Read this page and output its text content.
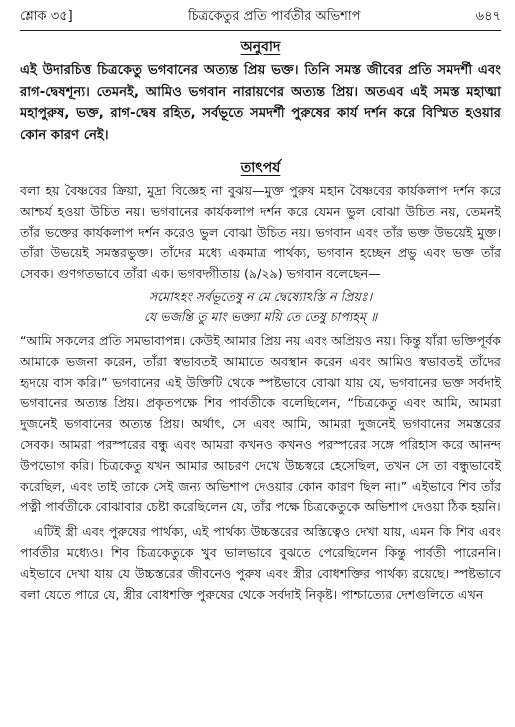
শ্লোক ৩৫]	চিত্রকেতুর প্রতি পার্বতীর অভিশাপ	৬৪৭
অনুবাদ

এই উদারচিত্ত চিত্রকেতু ভগবানের অত্যন্ত প্রিয় ভক্ত। তিনি সমস্ত জীবের প্রতি সমদর্শী এবং রাগ-দ্বেষশূন্য। তেমনই, আমিও ভগবান নারায়ণের অত্যন্ত প্রিয়। অতএব এই সমস্ত মহাত্মা মহাপুরুষ, ভক্ত, রাগ-দ্বেষ রহিত, সর্বভূতে সমদর্শী পুরুষের কার্য দর্শন করে বিস্মিত হওয়ার কোন কারণ নেই।

তাৎপর্য

বলা হয় বৈষ্ণবের ক্রিয়া, মুদ্রা বিজ্ঞেহ না বুঝয়—মুক্ত পুরুষ মহান বৈষ্ণবের কার্যকলাপ দর্শন করে আশ্চর্য হওয়া উচিত নয়। ভগবানের কার্যকলাপ দর্শন করে যেমন ভুল বোঝা উচিত নয়, তেমনই তাঁর ভক্তের কার্যকলাপ দর্শন করেও ভুল বোঝা উচিত নয়। ভগবান এবং তাঁর ভক্ত উভয়েই মুক্ত। তাঁরা উভয়েই সমস্তরভুক্ত। তাঁদের মধ্যে একমাত্র পার্থক্য, ভগবান হচ্ছেন প্রভু এবং ভক্ত তাঁর সেবক। গুণগতভাবে তাঁরা এক। ভগবদ্গীতায় (৯/২৯) ভগবান বলেছেন—

সমোঽহং সর্বভূতেষু ন মে দ্বেষ্যোঽস্তি ন প্রিয়ঃ।
যে ভজন্তি তু মাং ভক্ত্যা ময়ি তে তেষু চাপ্যহম্ ॥

“আমি সকলের প্রতি সমভাবাপন্ন। কেউই আমার প্রিয় নয় এবং অপ্রিয়ও নয়। কিন্তু যাঁরা ভক্তিপূর্বক আমাকে ভজনা করেন, তাঁরা স্বভাবতই আমাতে অবস্থান করেন এবং আমিও স্বভাবতই তাঁদের হৃদয়ে বাস করি।” ভগবানের এই উক্তিটি থেকে স্পষ্টভাবে বোঝা যায় যে, ভগবানের ভক্ত সর্বদাই ভগবানের অত্যন্ত প্রিয়। প্রকৃতপক্ষে শিব পার্বতীকে বলেছিলেন, “চিত্রকেতু এবং আমি, আমরা দুজনেই ভগবানের অত্যন্ত প্রিয়। অর্থাৎ, সে এবং আমি, আমরা দুজনেই ভগবানের সমস্তরের সেবক। আমরা পরস্পরের বন্ধু এবং আমরা কখনও কখনও পরস্পরের সঙ্গে পরিহাস করে আনন্দ উপভোগ করি। চিত্রকেতু যখন আমার আচরণ দেখে উচ্চস্বরে হেসেছিল, তখন সে তা বন্ধুভাবেই করেছিল, এবং তাই তাকে সেই জন্য অভিশাপ দেওয়ার কোন কারণ ছিল না।” এইভাবে শিব তাঁর পত্নী পার্বতীকে বোঝাবার চেষ্টা করেছিলেন যে, তাঁর পক্ষে চিত্রকেতুকে অভিশাপ দেওয়া ঠিক হয়নি।

এটিই স্ত্রী এবং পুরুষের পার্থক্য, এই পার্থক্য উচ্চস্তরের অস্তিত্বেও দেখা যায়, এমন কি শিব এবং পার্বতীর মধ্যেও। শিব চিত্রকেতুকে খুব ভালভাবে বুঝতে পেরেছিলেন কিন্তু পার্বতী পারেননি। এইভাবে দেখা যায় যে উচ্চস্তরের জীবনেও পুরুষ এবং স্ত্রীর বোধশক্তির পার্থক্য রয়েছে। স্পষ্টভাবে বলা যেতে পারে যে, স্ত্রীর বোধশক্তি পুরুষের থেকে সর্বদাই নিকৃষ্ট। পাশ্চাত্যের দেশগুলিতে এখন
